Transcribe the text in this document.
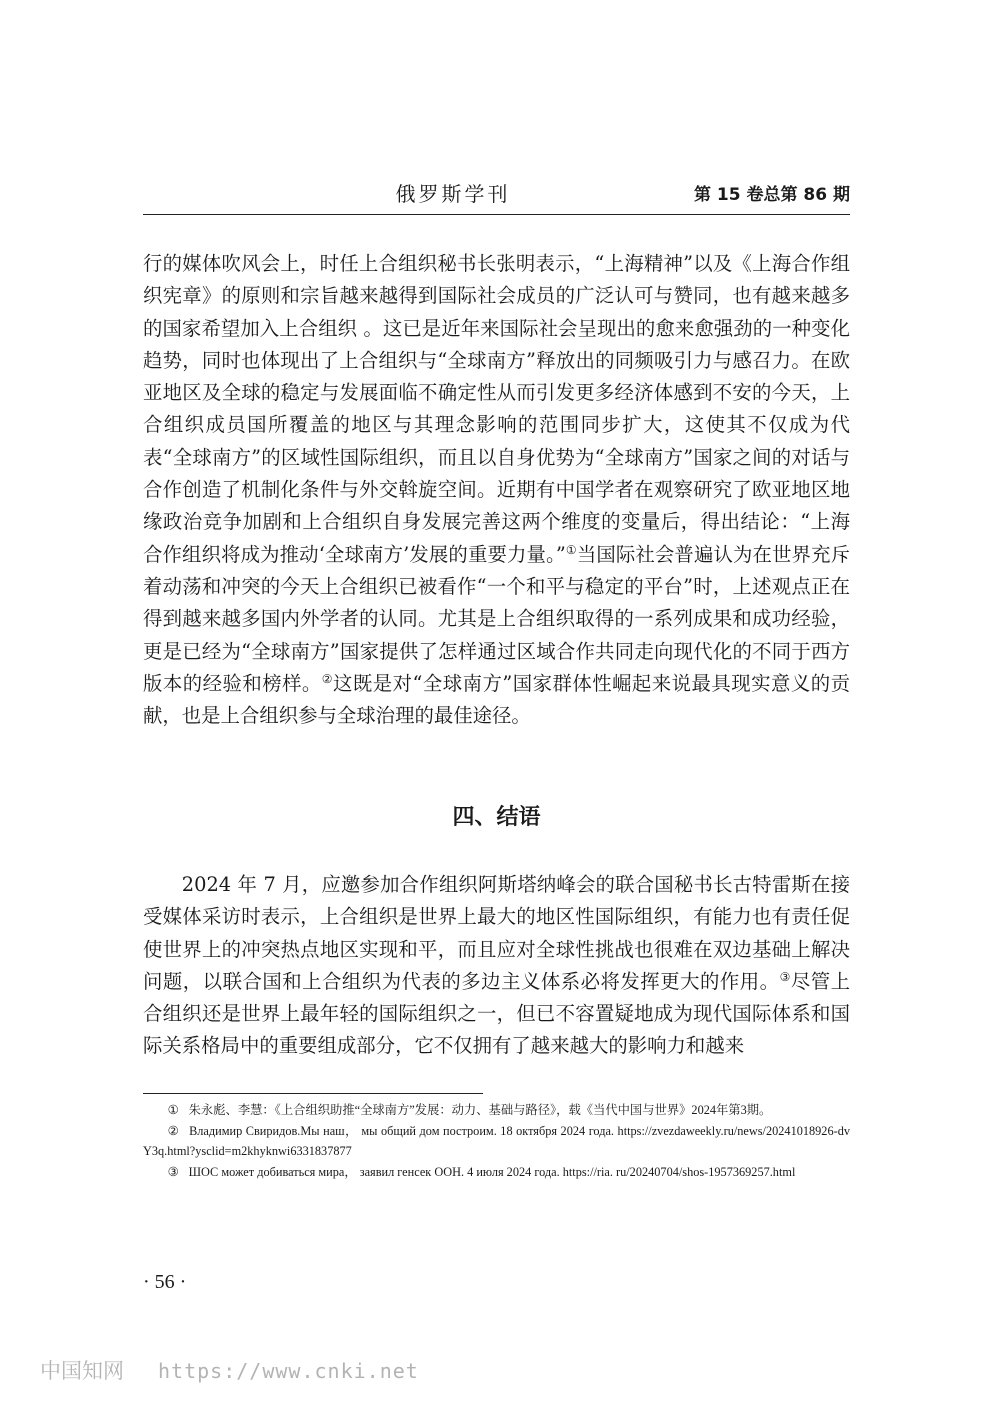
俄罗斯学刊	第 15 卷总第 86 期
行的媒体吹风会上，时任上合组织秘书长张明表示，“上海精神”以及《上海合作组织宪章》的原则和宗旨越来越得到国际社会成员的广泛认可与赞同，也有越来越多的国家希望加入上合组织 。这已是近年来国际社会呈现出的愈来愈强劲的一种变化趋势，同时也体现出了上合组织与“全球南方”释放出的同频吸引力与感召力。在欧亚地区及全球的稳定与发展面临不确定性从而引发更多经济体感到不安的今天，上合组织成员国所覆盖的地区与其理念影响的范围同步扩大，这使其不仅成为代表“全球南方”的区域性国际组织，而且以自身优势为“全球南方”国家之间的对话与合作创造了机制化条件与外交斡旋空间。近期有中国学者在观察研究了欧亚地区地缘政治竞争加剧和上合组织自身发展完善这两个维度的变量后，得出结论：“上海合作组织将成为推动‘全球南方’发展的重要力量。”①当国际社会普遍认为在世界充斥着动荡和冲突的今天上合组织已被看作“一个和平与稳定的平台”时，上述观点正在得到越来越多国内外学者的认同。尤其是上合组织取得的一系列成果和成功经验，更是已经为“全球南方”国家提供了怎样通过区域合作共同走向现代化的不同于西方版本的经验和榜样。②这既是对“全球南方”国家群体性崛起来说最具现实意义的贡献，也是上合组织参与全球治理的最佳途径。
四、结语
2024 年 7 月，应邀参加合作组织阿斯塔纳峰会的联合国秘书长古特雷斯在接受媒体采访时表示，上合组织是世界上最大的地区性国际组织，有能力也有责任促使世界上的冲突热点地区实现和平，而且应对全球性挑战也很难在双边基础上解决问题，以联合国和上合组织为代表的多边主义体系必将发挥更大的作用。③尽管上合组织还是世界上最年轻的国际组织之一，但已不容置疑地成为现代国际体系和国际关系格局中的重要组成部分，它不仅拥有了越来越大的影响力和越来
① 朱永彪、李慧：《上合组织助推“全球南方”发展：动力、基础与路径》，载《当代中国与世界》2024年第3期。
② Владимир Свиридов.Мы наш， мы общий дом построим. 18 октября 2024 года. https://zvezdaweekly.ru/news/20241018926-dvY3q.html?ysclid=m2khyknwi6331837877
③ ШОС может добиваться мира， заявил генсек ООН. 4 июля 2024 года. https://ria. ru/20240704/shos-1957369257.html
· 56 ·
中国知网 https://www.cnki.net
